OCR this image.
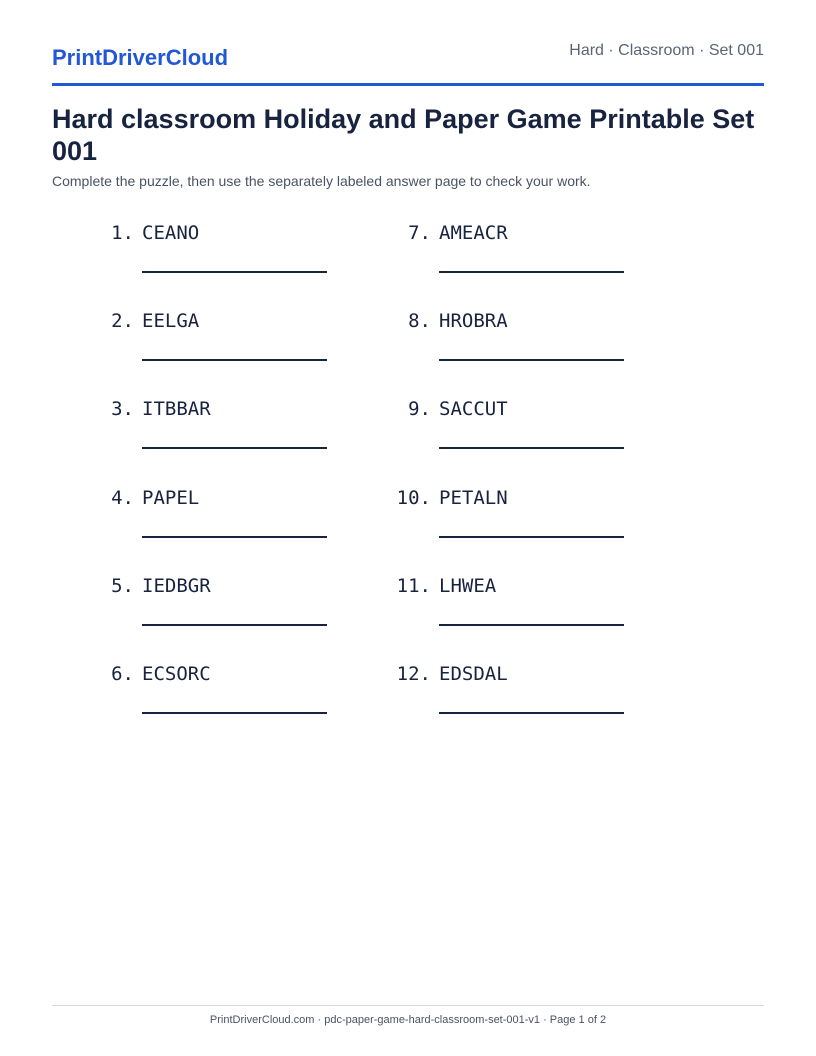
PrintDriverCloud	Hard · Classroom · Set 001
Hard classroom Holiday and Paper Game Printable Set 001

Complete the puzzle, then use the separately labeled answer page to check your work.

1. CEANO
2. EELGA
3. ITBBAR
4. PAPEL
5. IEDBGR
6. ECSORC
7. AMEACR
8. HROBRA
9. SACCUT
10. PETALN
11. LHWEA
12. EDSDAL
PrintDriverCloud.com · pdc-paper-game-hard-classroom-set-001-v1 · Page 1 of 2
